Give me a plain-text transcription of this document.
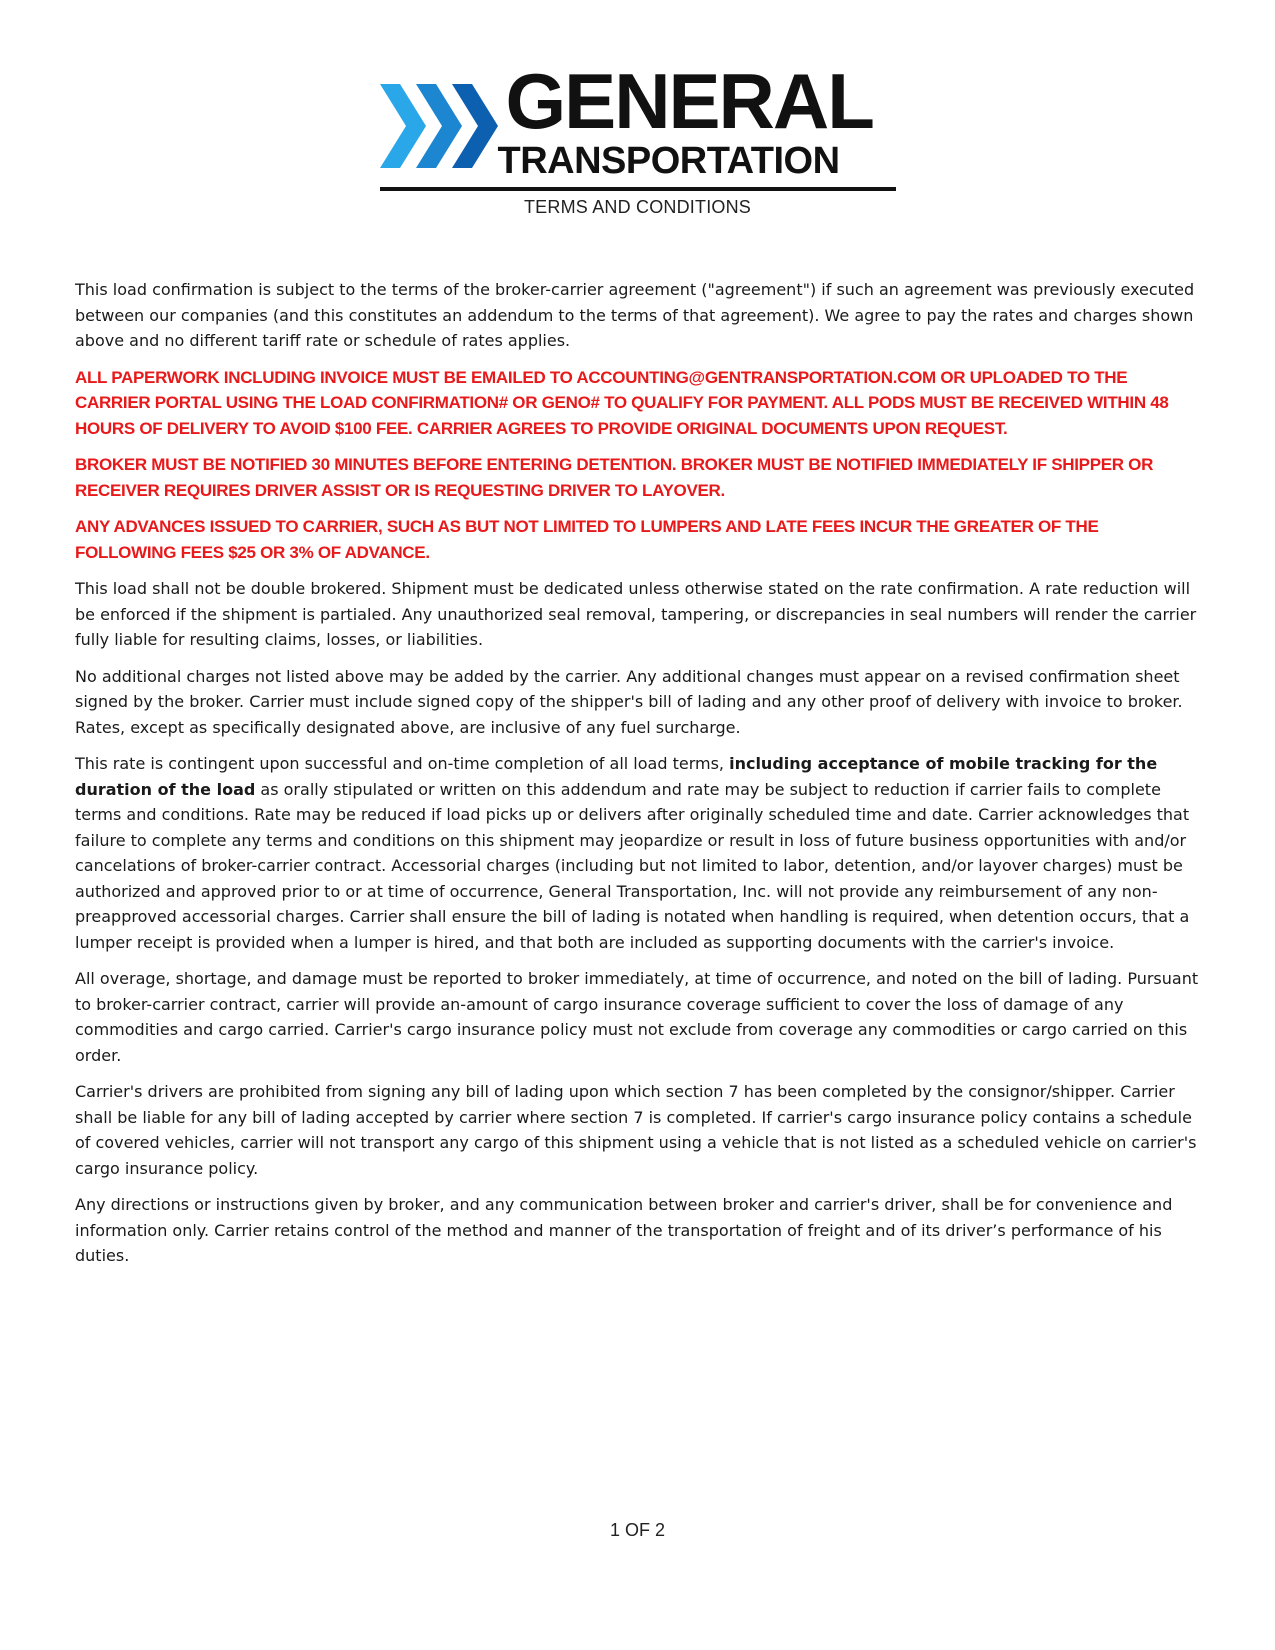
GENERAL
TRANSPORTATION
TERMS AND CONDITIONS

This load confirmation is subject to the terms of the broker-carrier agreement ("agreement") if such an agreement was previously executed between our companies (and this constitutes an addendum to the terms of that agreement). We agree to pay the rates and charges shown above and no different tariff rate or schedule of rates applies.

ALL PAPERWORK INCLUDING INVOICE MUST BE EMAILED TO ACCOUNTING@GENTRANSPORTATION.COM OR UPLOADED TO THE CARRIER PORTAL USING THE LOAD CONFIRMATION# OR GENO# TO QUALIFY FOR PAYMENT. ALL PODS MUST BE RECEIVED WITHIN 48 HOURS OF DELIVERY TO AVOID $100 FEE. CARRIER AGREES TO PROVIDE ORIGINAL DOCUMENTS UPON REQUEST.

BROKER MUST BE NOTIFIED 30 MINUTES BEFORE ENTERING DETENTION. BROKER MUST BE NOTIFIED IMMEDIATELY IF SHIPPER OR RECEIVER REQUIRES DRIVER ASSIST OR IS REQUESTING DRIVER TO LAYOVER.

ANY ADVANCES ISSUED TO CARRIER, SUCH AS BUT NOT LIMITED TO LUMPERS AND LATE FEES INCUR THE GREATER OF THE FOLLOWING FEES $25 OR 3% OF ADVANCE.

This load shall not be double brokered. Shipment must be dedicated unless otherwise stated on the rate confirmation. A rate reduction will be enforced if the shipment is partialed. Any unauthorized seal removal, tampering, or discrepancies in seal numbers will render the carrier fully liable for resulting claims, losses, or liabilities.

No additional charges not listed above may be added by the carrier. Any additional changes must appear on a revised confirmation sheet signed by the broker. Carrier must include signed copy of the shipper's bill of lading and any other proof of delivery with invoice to broker. Rates, except as specifically designated above, are inclusive of any fuel surcharge.

This rate is contingent upon successful and on-time completion of all load terms, including acceptance of mobile tracking for the duration of the load as orally stipulated or written on this addendum and rate may be subject to reduction if carrier fails to complete terms and conditions. Rate may be reduced if load picks up or delivers after originally scheduled time and date. Carrier acknowledges that failure to complete any terms and conditions on this shipment may jeopardize or result in loss of future business opportunities with and/or cancelations of broker-carrier contract. Accessorial charges (including but not limited to labor, detention, and/or layover charges) must be authorized and approved prior to or at time of occurrence, General Transportation, Inc. will not provide any reimbursement of any non-preapproved accessorial charges. Carrier shall ensure the bill of lading is notated when handling is required, when detention occurs, that a lumper receipt is provided when a lumper is hired, and that both are included as supporting documents with the carrier's invoice.

All overage, shortage, and damage must be reported to broker immediately, at time of occurrence, and noted on the bill of lading. Pursuant to broker-carrier contract, carrier will provide an-amount of cargo insurance coverage sufficient to cover the loss of damage of any commodities and cargo carried. Carrier's cargo insurance policy must not exclude from coverage any commodities or cargo carried on this order.

Carrier's drivers are prohibited from signing any bill of lading upon which section 7 has been completed by the consignor/shipper. Carrier shall be liable for any bill of lading accepted by carrier where section 7 is completed. If carrier's cargo insurance policy contains a schedule of covered vehicles, carrier will not transport any cargo of this shipment using a vehicle that is not listed as a scheduled vehicle on carrier's cargo insurance policy.

Any directions or instructions given by broker, and any communication between broker and carrier's driver, shall be for convenience and information only. Carrier retains control of the method and manner of the transportation of freight and of its driver’s performance of his duties.

1 OF 2
